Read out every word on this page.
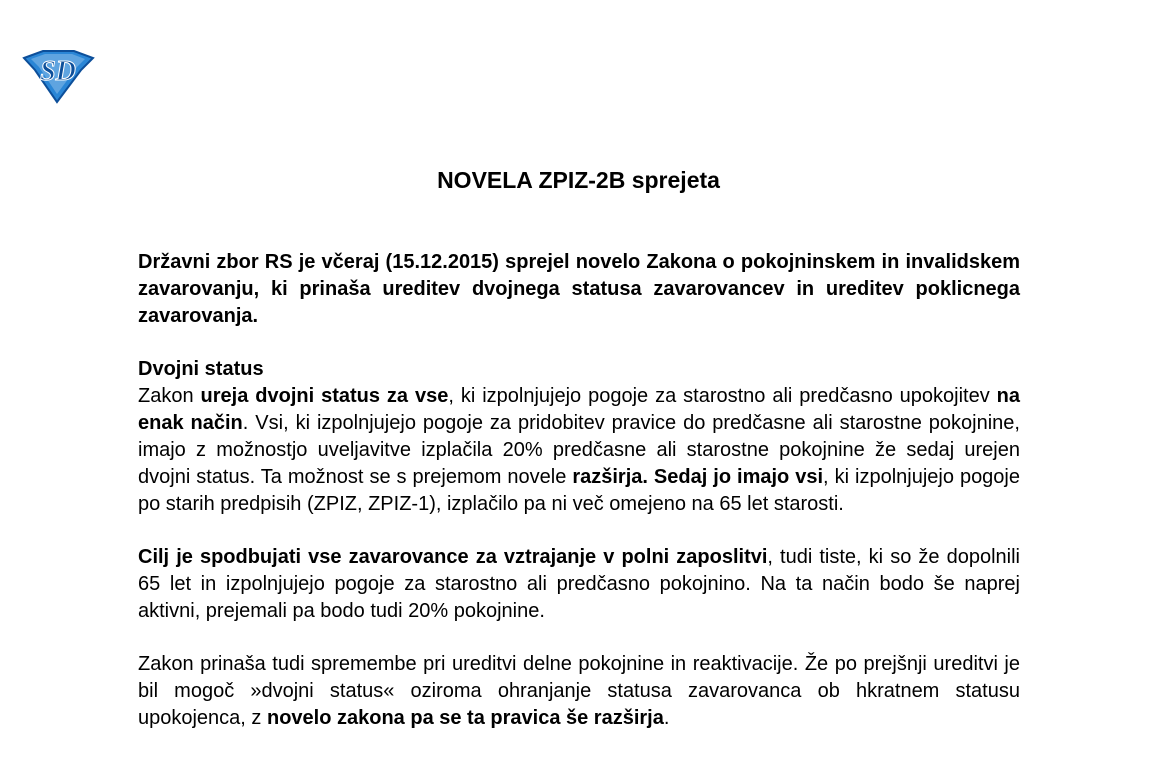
SD
NOVELA ZPIZ-2B sprejeta

Državni zbor RS je včeraj (15.12.2015) sprejel novelo Zakona o pokojninskem in invalidskem zavarovanju, ki prinaša ureditev dvojnega statusa zavarovancev in ureditev poklicnega zavarovanja.

Dvojni status
Zakon ureja dvojni status za vse, ki izpolnjujejo pogoje za starostno ali predčasno upokojitev na enak način. Vsi, ki izpolnjujejo pogoje za pridobitev pravice do predčasne ali starostne pokojnine, imajo z možnostjo uveljavitve izplačila 20% predčasne ali starostne pokojnine že sedaj urejen dvojni status. Ta možnost se s prejemom novele razširja. Sedaj jo imajo vsi, ki izpolnjujejo pogoje po starih predpisih (ZPIZ, ZPIZ-1), izplačilo pa ni več omejeno na 65 let starosti.

Cilj je spodbujati vse zavarovance za vztrajanje v polni zaposlitvi, tudi tiste, ki so že dopolnili 65 let in izpolnjujejo pogoje za starostno ali predčasno pokojnino. Na ta način bodo še naprej aktivni, prejemali pa bodo tudi 20% pokojnine.

Zakon prinaša tudi spremembe pri ureditvi delne pokojnine in reaktivacije. Že po prejšnji ureditvi je bil mogoč »dvojni status« oziroma ohranjanje statusa zavarovanca ob hkratnem statusu upokojenca, z novelo zakona pa se ta pravica še razširja.
